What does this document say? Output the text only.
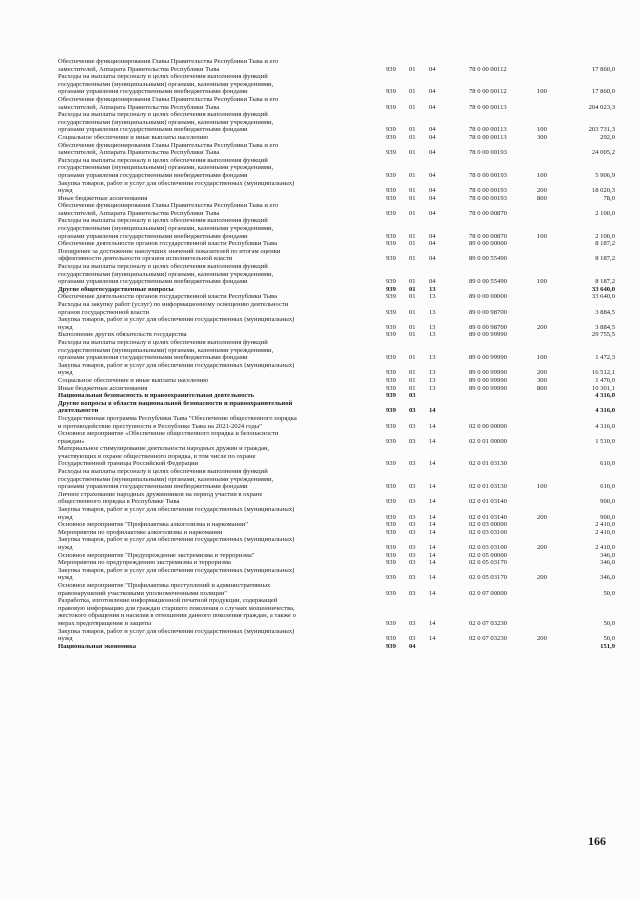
Обеспечение функционирования Главы Правительства Республики Тыва и его
заместителей, Аппарата Правительства Республики Тыва	939	01	04	78 0 00 00112	17 860,0
Расходы на выплаты персоналу в целях обеспечения выполнения функций
государственными (муниципальными) органами, казенными учреждениями,
органами управления государственными внебюджетными фондами	939	01	04	78 0 00 00112	100	17 860,0
Обеспечение функционирования Главы Правительства Республики Тыва и его
заместителей, Аппарата Правительства Республики Тыва	939	01	04	78 0 00 00113	204 023,3
Расходы на выплаты персоналу в целях обеспечения выполнения функций
государственными (муниципальными) органами, казенными учреждениями,
органами управления государственными внебюджетными фондами	939	01	04	78 0 00 00113	100	203 731,3
Социальное обеспечение и иные выплаты населению	939	01	04	78 0 00 00113	300	292,0
Обеспечение функционирования Главы Правительства Республики Тыва и его
заместителей, Аппарата Правительства Республики Тыва	939	01	04	78 0 00 00193	24 005,2
Расходы на выплаты персоналу в целях обеспечения выполнения функций
государственными (муниципальными) органами, казенными учреждениями,
органами управления государственными внебюджетными фондами	939	01	04	78 0 00 00193	100	5 906,9
Закупка товаров, работ и услуг для обеспечения государственных (муниципальных)
нужд	939	01	04	78 0 00 00193	200	18 020,3
Иные бюджетные ассигнования	939	01	04	78 0 00 00193	800	78,0
Обеспечение функционирования Главы Правительства Республики Тыва и его
заместителей, Аппарата Правительства Республики Тыва	939	01	04	78 0 00 00870	2 100,0
Расходы на выплаты персоналу в целях обеспечения выполнения функций
государственными (муниципальными) органами, казенными учреждениями,
органами управления государственными внебюджетными фондами	939	01	04	78 0 00 00870	100	2 100,0
Обеспечение деятельности органов государственной власти Республики Тыва	939	01	04	89 0 00 00000	8 187,2
Поощрение за достижение наилучших значений показателей по итогам оценки
эффективности деятельности органов исполнительной власти	939	01	04	89 0 00 55490	8 187,2
Расходы на выплаты персоналу в целях обеспечения выполнения функций
государственными (муниципальными) органами, казенными учреждениями,
органами управления государственными внебюджетными фондами	939	01	04	89 0 00 55490	100	8 187,2
Другие общегосударственные вопросы	939	01	13	33 640,0
Обеспечение деятельности органов государственной власти Республики Тыва	939	01	13	89 0 00 00000	33 640,0
Расходы на закупку работ (услуг) по информационному освещению деятельности
органов государственной власти	939	01	13	89 0 00 98700	3 884,5
Закупка товаров, работ и услуг для обеспечения государственных (муниципальных)
нужд	939	01	13	89 0 00 98700	200	3 884,5
Выполнение других обязательств государства	939	01	13	89 0 00 99990	29 755,5
Расходы на выплаты персоналу в целях обеспечения выполнения функций
государственными (муниципальными) органами, казенными учреждениями,
органами управления государственными внебюджетными фондами	939	01	13	89 0 00 99990	100	1 472,3
Закупка товаров, работ и услуг для обеспечения государственных (муниципальных)
нужд	939	01	13	89 0 00 99990	200	16 512,1
Социальное обеспечение и иные выплаты населению	939	01	13	89 0 00 99990	300	1 470,0
Иные бюджетные ассигнования	939	01	13	89 0 00 99990	800	10 301,1
Национальная безопасность и правоохранительная деятельность	939	03	4 316,0
Другие вопросы в области национальной безопасности и правоохранительной
деятельности	939	03	14	4 316,0
Государственная программа Республики Тыва "Обеспечение общественного порядка
и противодействие преступности в Республике Тыва на 2021-2024 годы"	939	03	14	02 0 00 00000	4 316,0
Основное мероприятие «Обеспечение общественного порядка и безопасности
граждан»	939	03	14	02 0 01 00000	1 510,0
Материальное стимулирование деятельности народных дружин и граждан,
участвующих в охране общественного порядка, в том числе по охране
Государственной границы Российской Федерации	939	03	14	02 0 01 03130	610,0
Расходы на выплаты персоналу в целях обеспечения выполнения функций
государственными (муниципальными) органами, казенными учреждениями,
органами управления государственными внебюджетными фондами	939	03	14	02 0 01 03130	100	610,0
Личное страхование народных дружинников на период участия в охране
общественного порядка в Республике Тыва	939	03	14	02 0 01 03140	900,0
Закупка товаров, работ и услуг для обеспечения государственных (муниципальных)
нужд	939	03	14	02 0 01 03140	200	900,0
Основное мероприятие "Профилактика алкоголизма и наркомании"	939	03	14	02 0 03 00000	2 410,0
Мероприятия по профилактике алкоголизма и наркомании	939	03	14	02 0 03 03100	2 410,0
Закупка товаров, работ и услуг для обеспечения государственных (муниципальных)
нужд	939	03	14	02 0 03 03100	200	2 410,0
Основное мероприятие "Предупреждение экстремизма и терроризма"	939	03	14	02 0 05 00000	346,0
Мероприятия по предупреждению экстремизма и терроризма	939	03	14	02 0 05 03170	346,0
Закупка товаров, работ и услуг для обеспечения государственных (муниципальных)
нужд	939	03	14	02 0 05 03170	200	346,0
Основное мероприятие "Профилактика преступлений и административных
правонарушений участковыми уполномоченными полиции"	939	03	14	02 0 07 00000	50,0
Разработка, изготовление информационной печатной продукции, содержащей
правовую информацию для граждан старшего поколения о случаях мошенничества,
жестокого обращения и насилия в отношении данного поколения граждан, а также о
мерах предотвращения и защиты	939	03	14	02 0 07 03230	50,0
Закупка товаров, работ и услуг для обеспечения государственных (муниципальных)
нужд	939	03	14	02 0 07 03230	200	50,0
Национальная экономика	939	04	151,9
166
